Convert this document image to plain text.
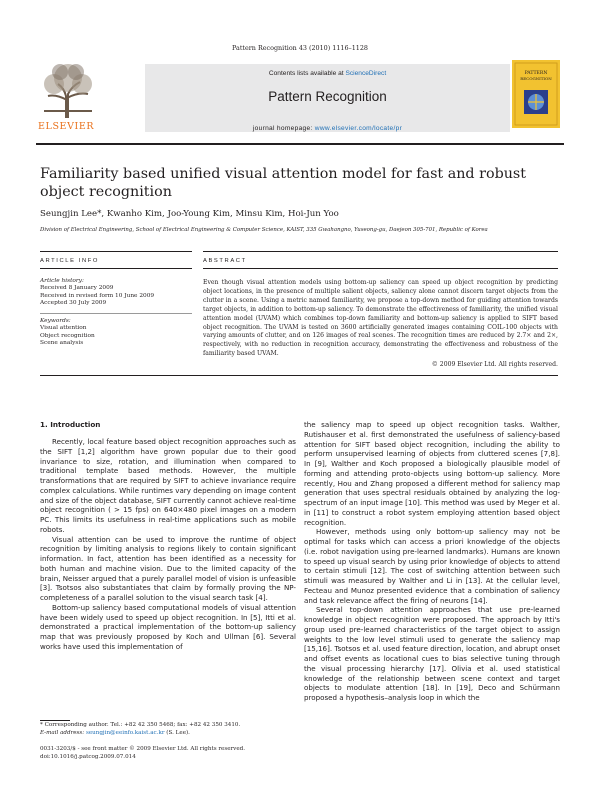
Pattern Recognition 43 (2010) 1116–1128
ELSEVIER
Contents lists available at ScienceDirect
Pattern Recognition
journal homepage: www.elsevier.com/locate/pr
PATTERN
RECOGNITION
Familiarity based unified visual attention model for fast and robust object recognition
Seungjin Lee*, Kwanho Kim, Joo-Young Kim, Minsu Kim, Hoi-Jun Yoo
Division of Electrical Engineering, School of Electrical Engineering & Computer Science, KAIST, 335 Gwahangno, Yuseong-gu, Daejeon 305-701, Republic of Korea
ARTICLE INFO	ABSTRACT
Article history:
Received 8 January 2009
Received in revised form 10 June 2009
Accepted 30 July 2009
Keywords:
Visual attention
Object recognition
Scene analysis
Even though visual attention models using bottom-up saliency can speed up object recognition by predicting object locations, in the presence of multiple salient objects, saliency alone cannot discern target objects from the clutter in a scene. Using a metric named familiarity, we propose a top-down method for guiding attention towards target objects, in addition to bottom-up saliency. To demonstrate the effectiveness of familiarity, the unified visual attention model (UVAM) which combines top-down familiarity and bottom-up saliency is applied to SIFT based object recognition. The UVAM is tested on 3600 artificially generated images containing COIL-100 objects with varying amounts of clutter, and on 126 images of real scenes. The recognition times are reduced by 2.7× and 2×, respectively, with no reduction in recognition accuracy, demonstrating the effectiveness and robustness of the familiarity based UVAM.
© 2009 Elsevier Ltd. All rights reserved.
1. Introduction

Recently, local feature based object recognition approaches such as the SIFT [1,2] algorithm have grown popular due to their good invariance to size, rotation, and illumination when compared to traditional template based methods. However, the multiple transformations that are required by SIFT to achieve invariance require complex calculations. While runtimes vary depending on image content and size of the object database, SIFT currently cannot achieve real-time object recognition ( > 15 fps) on 640×480 pixel images on a modern PC. This limits its usefulness in real-time applications such as mobile robots.

Visual attention can be used to improve the runtime of object recognition by limiting analysis to regions likely to contain significant information. In fact, attention has been identified as a necessity for both human and machine vision. Due to the limited capacity of the brain, Neisser argued that a purely parallel model of vision is unfeasible [3]. Tsotsos also substantiates that claim by formally proving the NP-completeness of a parallel solution to the visual search task [4].

Bottom-up saliency based computational models of visual attention have been widely used to speed up object recognition. In [5], Itti et al. demonstrated a practical implementation of the bottom-up saliency map that was previously proposed by Koch and Ullman [6]. Several works have used this implementation of

the saliency map to speed up object recognition tasks. Walther, Rutishauser et al. first demonstrated the usefulness of saliency-based attention for SIFT based object recognition, including the ability to perform unsupervised learning of objects from cluttered scenes [7,8]. In [9], Walther and Koch proposed a biologically plausible model of forming and attending proto-objects using bottom-up saliency. More recently, Hou and Zhang proposed a different method for saliency map generation that uses spectral residuals obtained by analyzing the log-spectrum of an input image [10]. This method was used by Meger et al. in [11] to construct a robot system employing attention based object recognition.

However, methods using only bottom-up saliency may not be optimal for tasks which can access a priori knowledge of the objects (i.e. robot navigation using pre-learned landmarks). Humans are known to speed up visual search by using prior knowledge of objects to attend to certain stimuli [12]. The cost of switching attention between such stimuli was measured by Walther and Li in [13]. At the cellular level, Fecteau and Munoz presented evidence that a combination of saliency and task relevance affect the firing of neurons [14].

Several top-down attention approaches that use pre-learned knowledge in object recognition were proposed. The approach by Itti's group used pre-learned characteristics of the target object to assign weights to the low level stimuli used to generate the saliency map [15,16]. Tsotsos et al. used feature direction, location, and abrupt onset and offset events as locational cues to bias selective tuning through the visual processing hierarchy [17]. Olivia et al. used statistical knowledge of the relationship between scene context and target objects to modulate attention [18]. In [19], Deco and Schürmann proposed a hypothesis–analysis loop in which the

* Corresponding author. Tel.: +82 42 350 5468; fax: +82 42 350 3410.
E-mail address: seungjin@eeinfo.kaist.ac.kr (S. Lee).
0031-3203/$ - see front matter © 2009 Elsevier Ltd. All rights reserved.
doi:10.1016/j.patcog.2009.07.014
